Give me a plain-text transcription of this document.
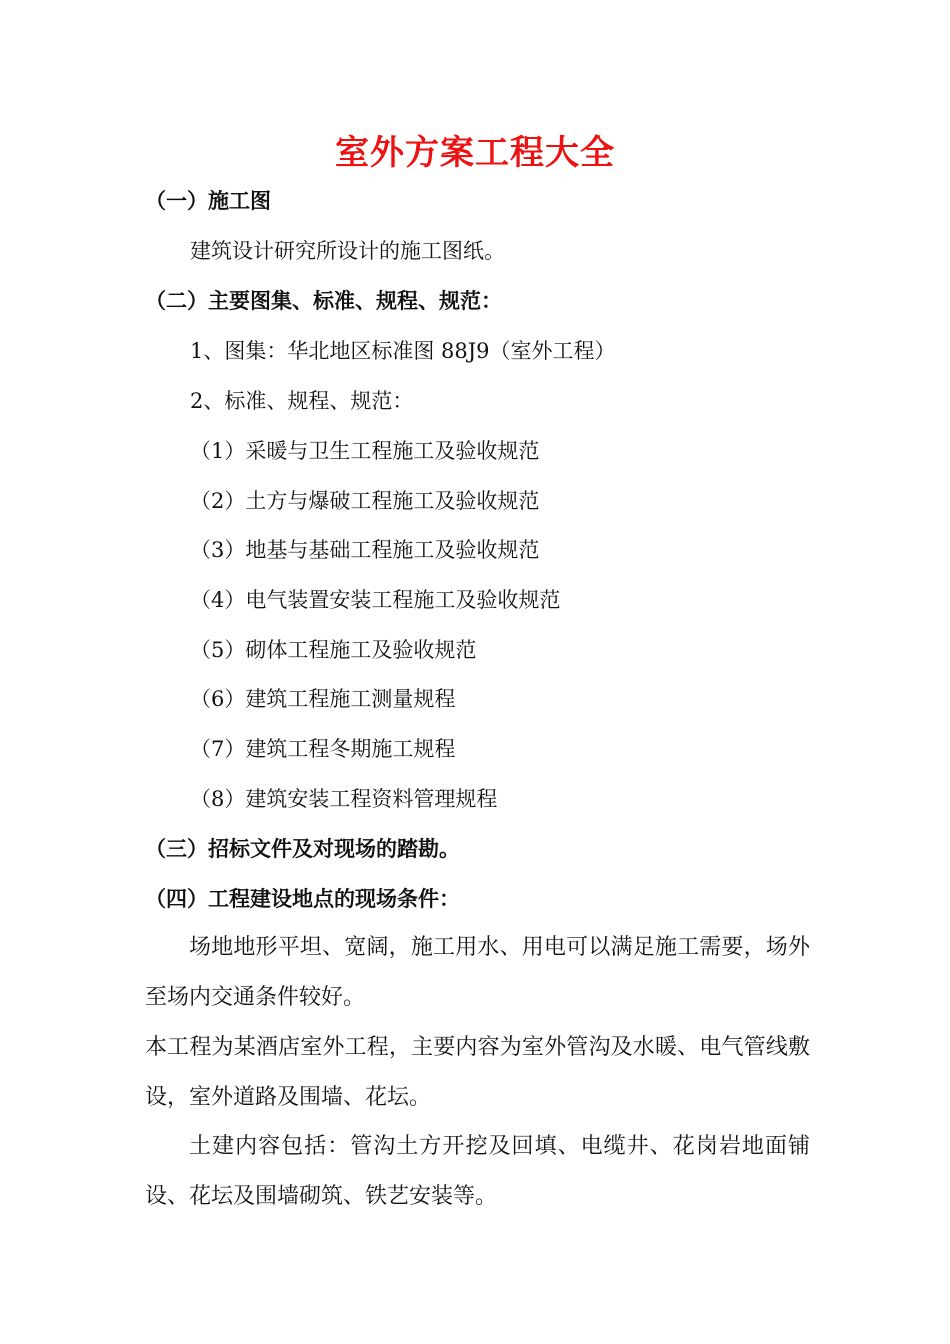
室外方案工程大全
（一）施工图
建筑设计研究所设计的施工图纸。
（二）主要图集、标准、规程、规范：
1、图集：华北地区标准图 88J9（室外工程）
2、标准、规程、规范：
（1）采暖与卫生工程施工及验收规范
（2）土方与爆破工程施工及验收规范
（3）地基与基础工程施工及验收规范
（4）电气装置安装工程施工及验收规范
（5）砌体工程施工及验收规范
（6）建筑工程施工测量规程
（7）建筑工程冬期施工规程
（8）建筑安装工程资料管理规程
（三）招标文件及对现场的踏勘。
（四）工程建设地点的现场条件：
场地地形平坦、宽阔，施工用水、用电可以满足施工需要，场外至场内交通条件较好。
本工程为某酒店室外工程，主要内容为室外管沟及水暖、电气管线敷设，室外道路及围墙、花坛。
土建内容包括：管沟土方开挖及回填、电缆井、花岗岩地面铺设、花坛及围墙砌筑、铁艺安装等。
